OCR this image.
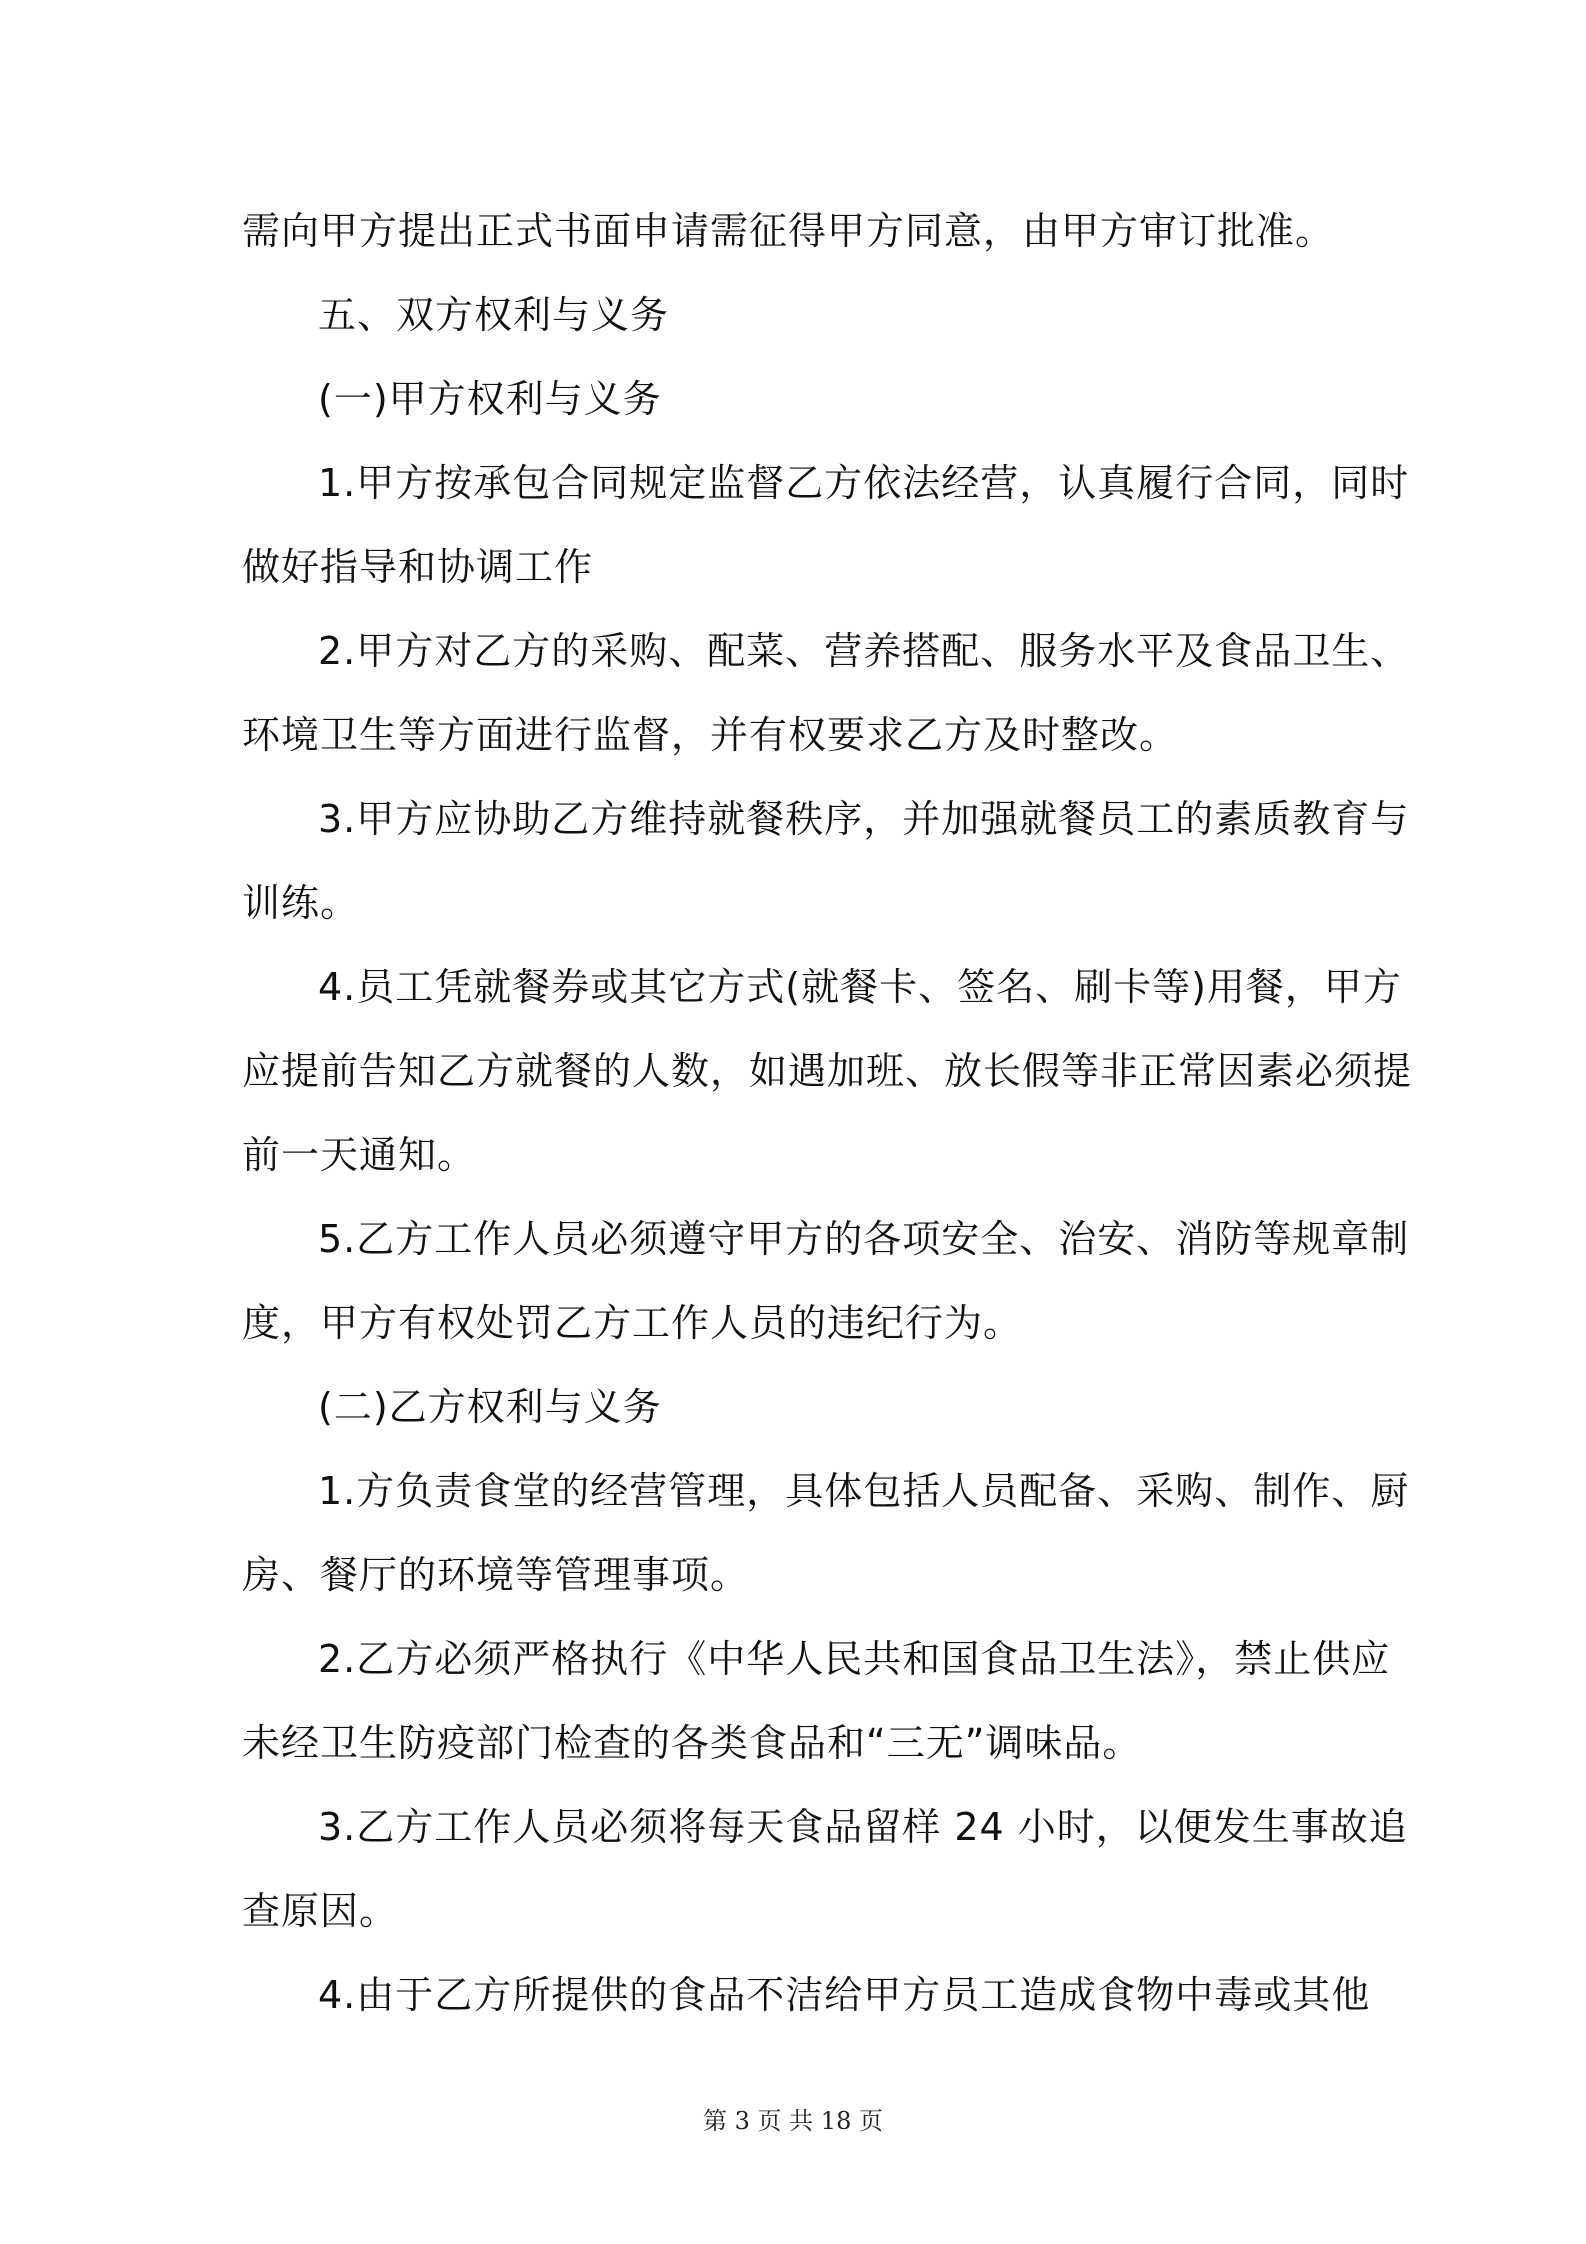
需向甲方提出正式书面申请需征得甲方同意，由甲方审订批准。

五、双方权利与义务

(一)甲方权利与义务

1.甲方按承包合同规定监督乙方依法经营，认真履行合同，同时

做好指导和协调工作

2.甲方对乙方的采购、配菜、营养搭配、服务水平及食品卫生、

环境卫生等方面进行监督，并有权要求乙方及时整改。

3.甲方应协助乙方维持就餐秩序，并加强就餐员工的素质教育与

训练。

4.员工凭就餐券或其它方式(就餐卡、签名、刷卡等)用餐，甲方

应提前告知乙方就餐的人数，如遇加班、放长假等非正常因素必须提

前一天通知。

5.乙方工作人员必须遵守甲方的各项安全、治安、消防等规章制

度，甲方有权处罚乙方工作人员的违纪行为。

(二)乙方权利与义务

1.方负责食堂的经营管理，具体包括人员配备、采购、制作、厨

房、餐厅的环境等管理事项。

2.乙方必须严格执行《中华人民共和国食品卫生法》，禁止供应

未经卫生防疫部门检查的各类食品和“三无”调味品。

3.乙方工作人员必须将每天食品留样 24 小时，以便发生事故追

查原因。

4.由于乙方所提供的食品不洁给甲方员工造成食物中毒或其他

第 3 页 共 18 页
